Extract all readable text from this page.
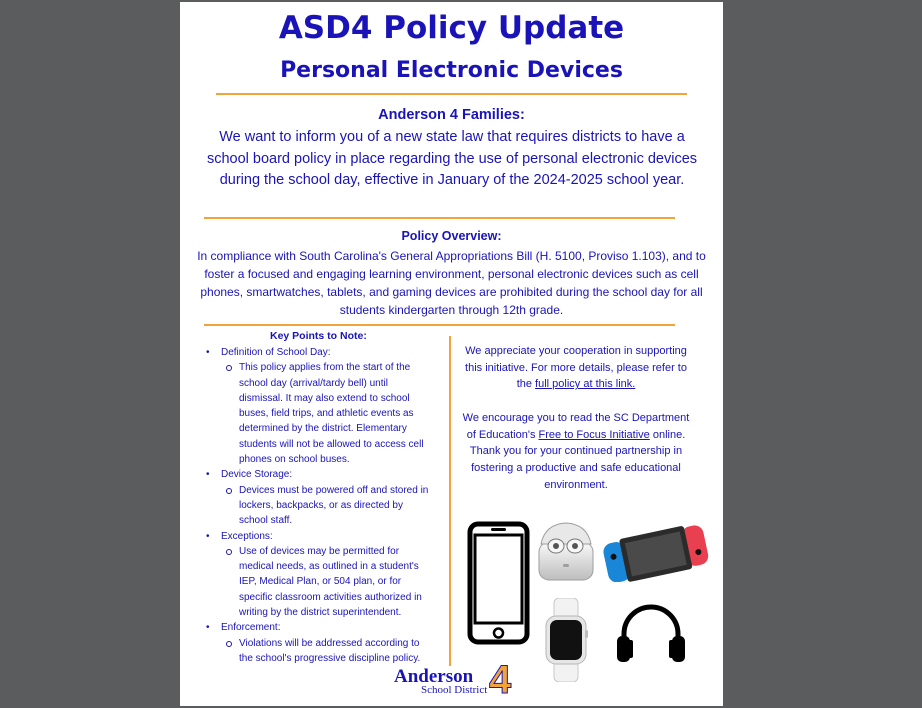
ASD4 Policy Update
Personal Electronic Devices
Anderson 4 Families:
We want to inform you of a new state law that requires districts to have a school board policy in place regarding the use of personal electronic devices during the school day, effective in January of the 2024-2025 school year.
Policy Overview:
In compliance with South Carolina's General Appropriations Bill (H. 5100, Proviso 1.103), and to foster a focused and engaging learning environment, personal electronic devices such as cell phones, smartwatches, tablets, and gaming devices are prohibited during the school day for all students kindergarten through 12th grade.
Key Points to Note:
• Definition of School Day:
This policy applies from the start of the school day (arrival/tardy bell) until dismissal. It may also extend to school buses, field trips, and athletic events as determined by the district. Elementary students will not be allowed to access cell phones on school buses.
• Device Storage:
Devices must be powered off and stored in lockers, backpacks, or as directed by school staff.
• Exceptions:
Use of devices may be permitted for medical needs, as outlined in a student's IEP, Medical Plan, or 504 plan, or for specific classroom activities authorized in writing by the district superintendent.
• Enforcement:
Violations will be addressed according to the school's progressive discipline policy.
We appreciate your cooperation in supporting this initiative. For more details, please refer to the full policy at this link.
We encourage you to read the SC Department of Education's Free to Focus Initiative online. Thank you for your continued partnership in fostering a productive and safe educational environment.
Anderson
School District 4
